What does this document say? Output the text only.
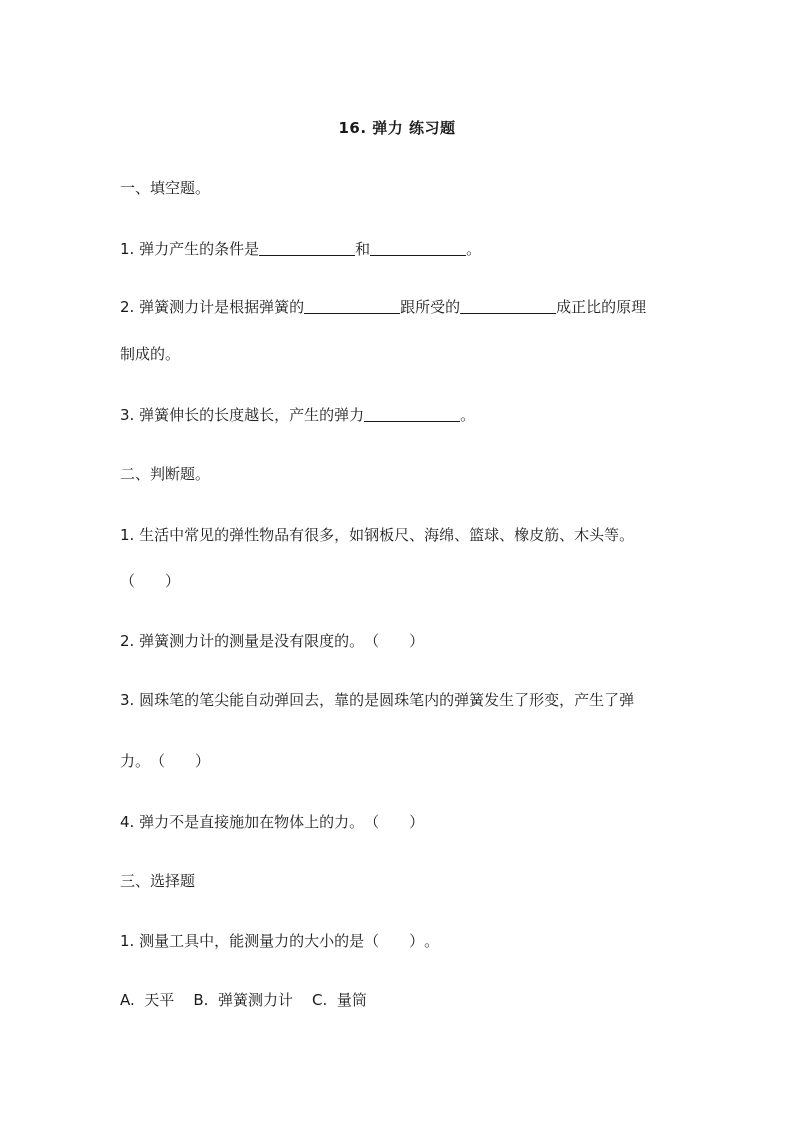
16. 弹力 练习题
一、填空题。
1. 弹力产生的条件是	和	。
2. 弹簧测力计是根据弹簧的	跟所受的	成正比的原理
制成的。
3. 弹簧伸长的长度越长，产生的弹力	。
二、判断题。
1. 生活中常见的弹性物品有很多，如钢板尺、海绵、篮球、橡皮筋、木头等。
（　　）
2. 弹簧测力计的测量是没有限度的。（　　）
3. 圆珠笔的笔尖能自动弹回去，靠的是圆珠笔内的弹簧发生了形变，产生了弹
力。（　　）
4. 弹力不是直接施加在物体上的力。（　　）
三、选择题
1. 测量工具中，能测量力的大小的是（　　）。
A.  天平    B.  弹簧测力计    C.  量筒
